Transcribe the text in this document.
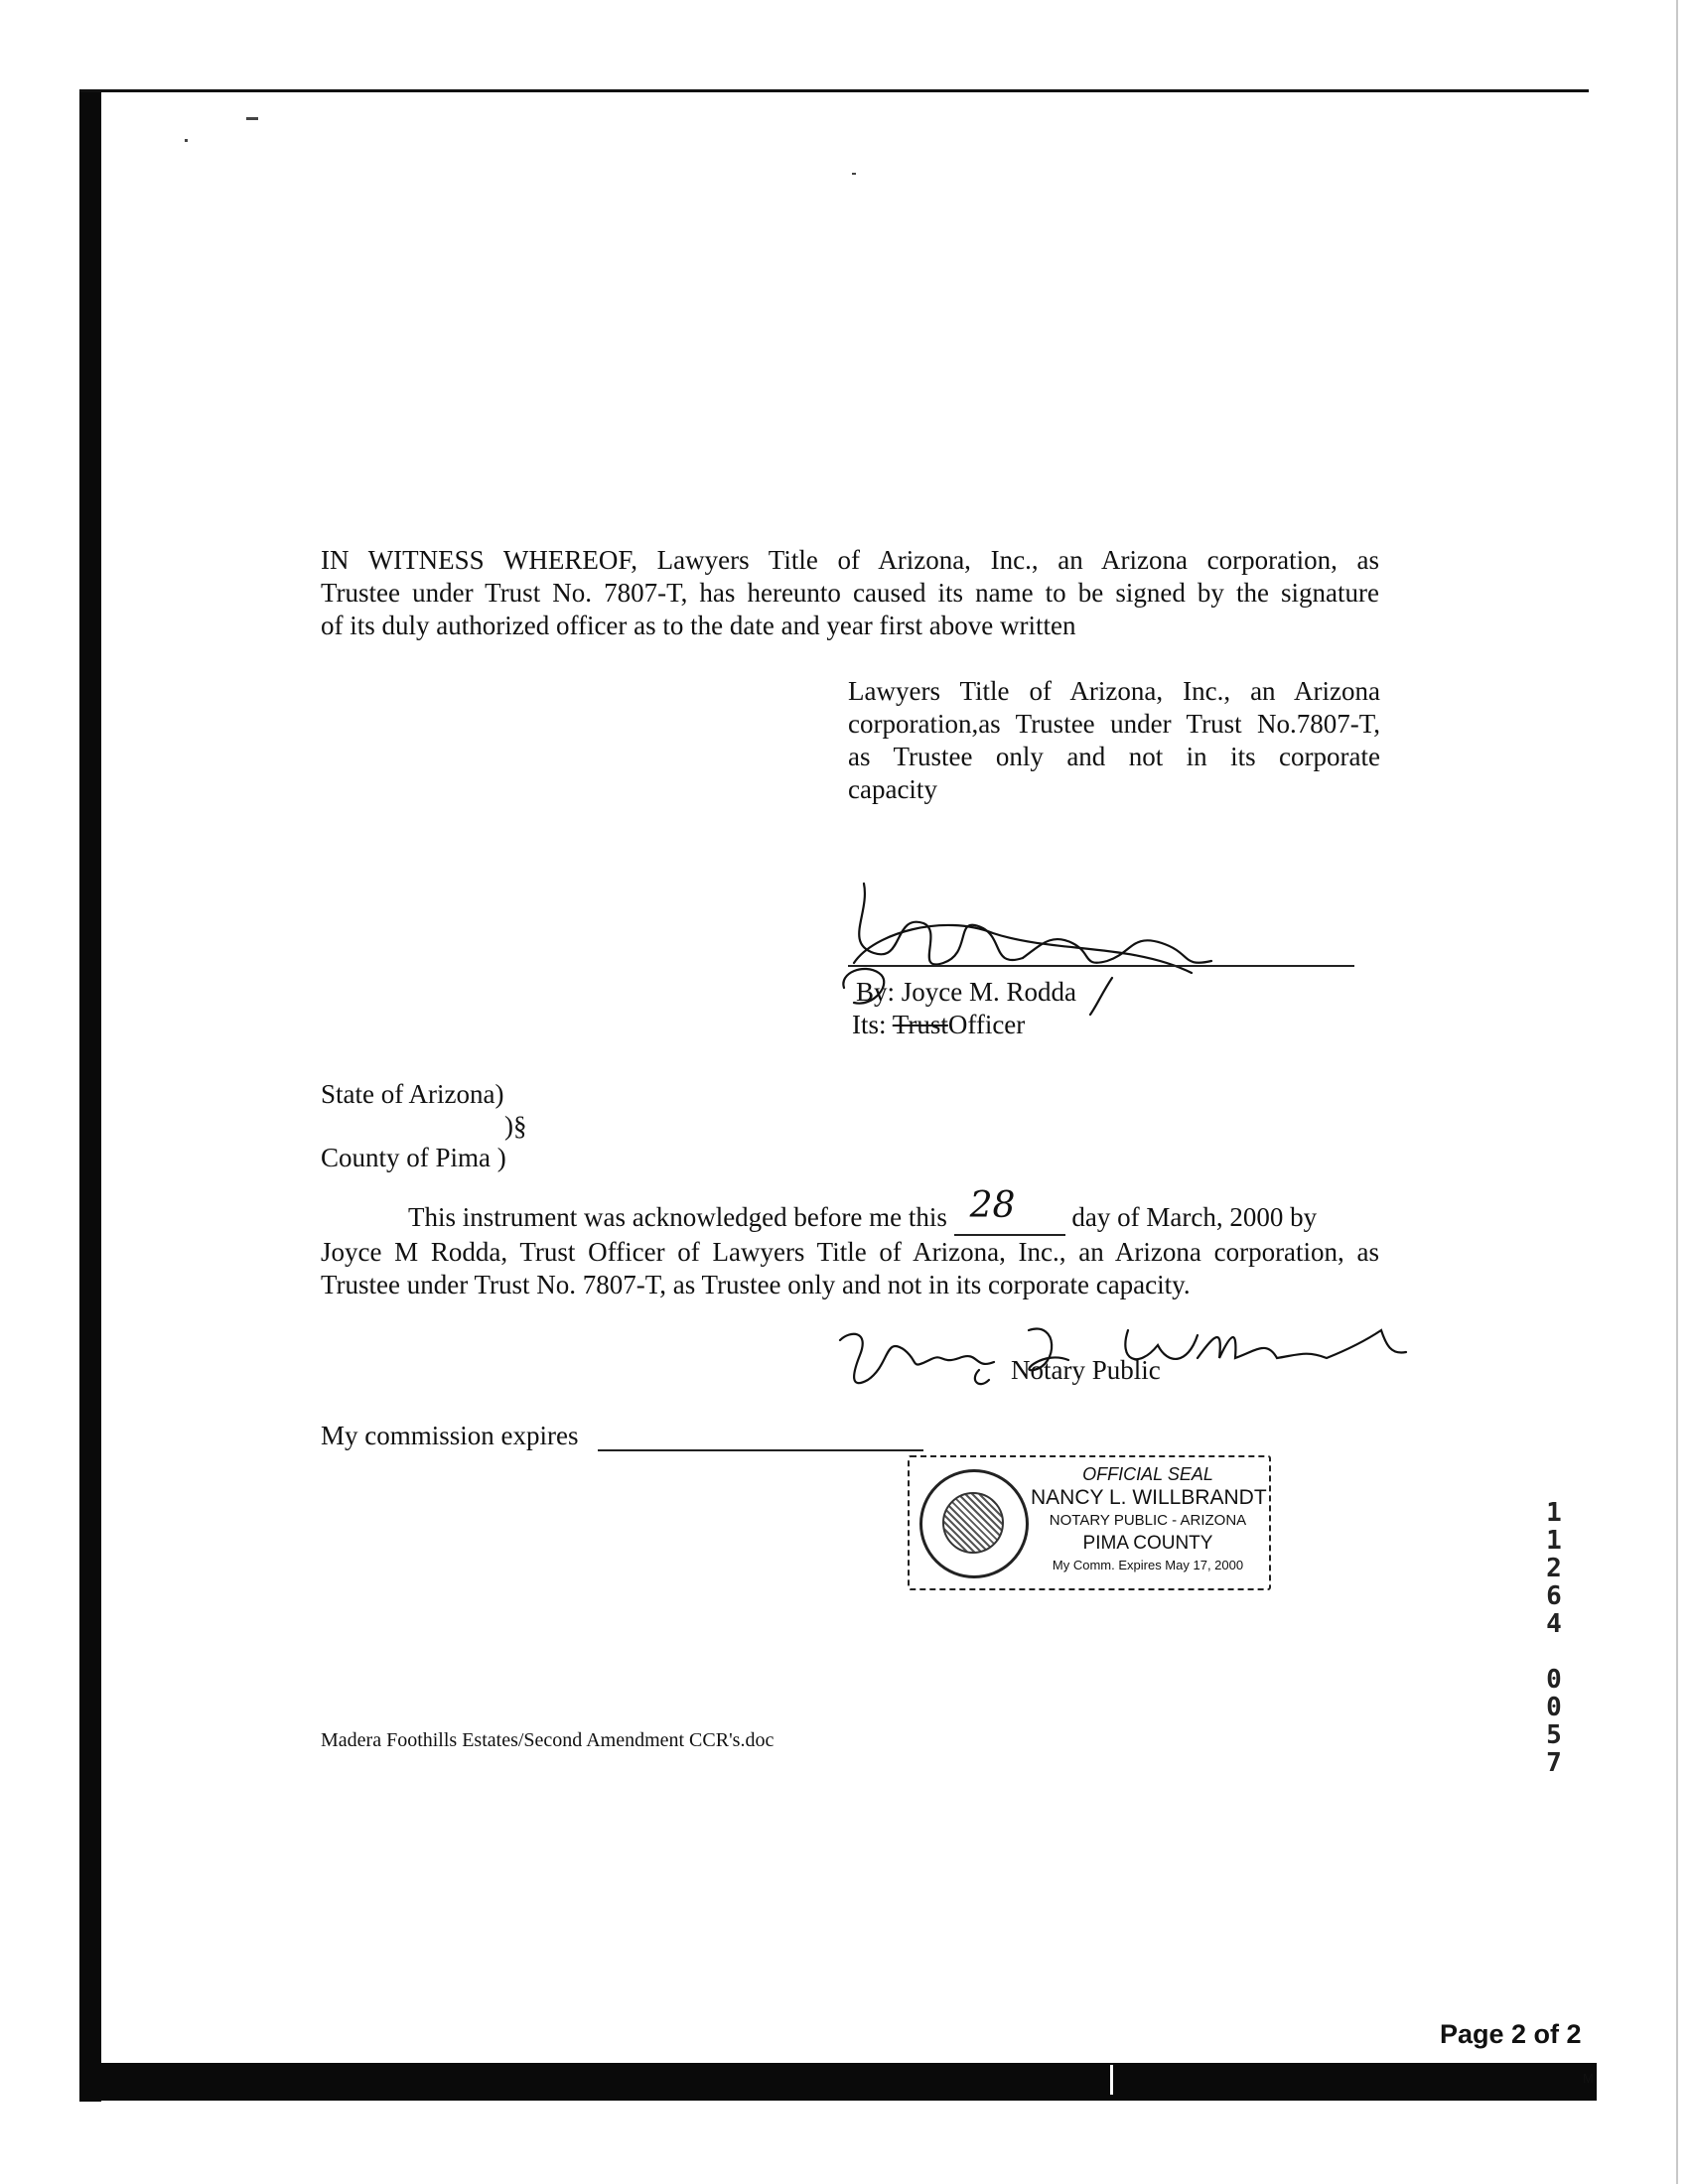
IN WITNESS WHEREOF, Lawyers Title of Arizona, Inc., an Arizona corporation, as
Trustee under Trust No. 7807-T, has hereunto caused its name to be signed by the signature
of its duly authorized officer as to the date and year first above written
Lawyers Title of Arizona, Inc., an Arizona
corporation,as Trustee under Trust No.7807-T,
as Trustee only and not in its corporate
capacity
By: Joyce M. Rodda
Its: TrustOfficer
State of Arizona)
)§
County of Pima )
This instrument was acknowledged before me this 28 day of March, 2000 by
Joyce M Rodda, Trust Officer of Lawyers Title of Arizona, Inc., an Arizona corporation, as
Trustee under Trust No. 7807-T, as Trustee only and not in its corporate capacity.
Notary Public
My commission expires
OFFICIAL SEAL
NANCY L. WILLBRANDT
NOTARY PUBLIC - ARIZONA
PIMA COUNTY
My Comm. Expires May 17, 2000
1
1
2
6
4

0
0
5
7
Madera Foothills Estates/Second Amendment CCR's.doc
Page 2 of 2
M
